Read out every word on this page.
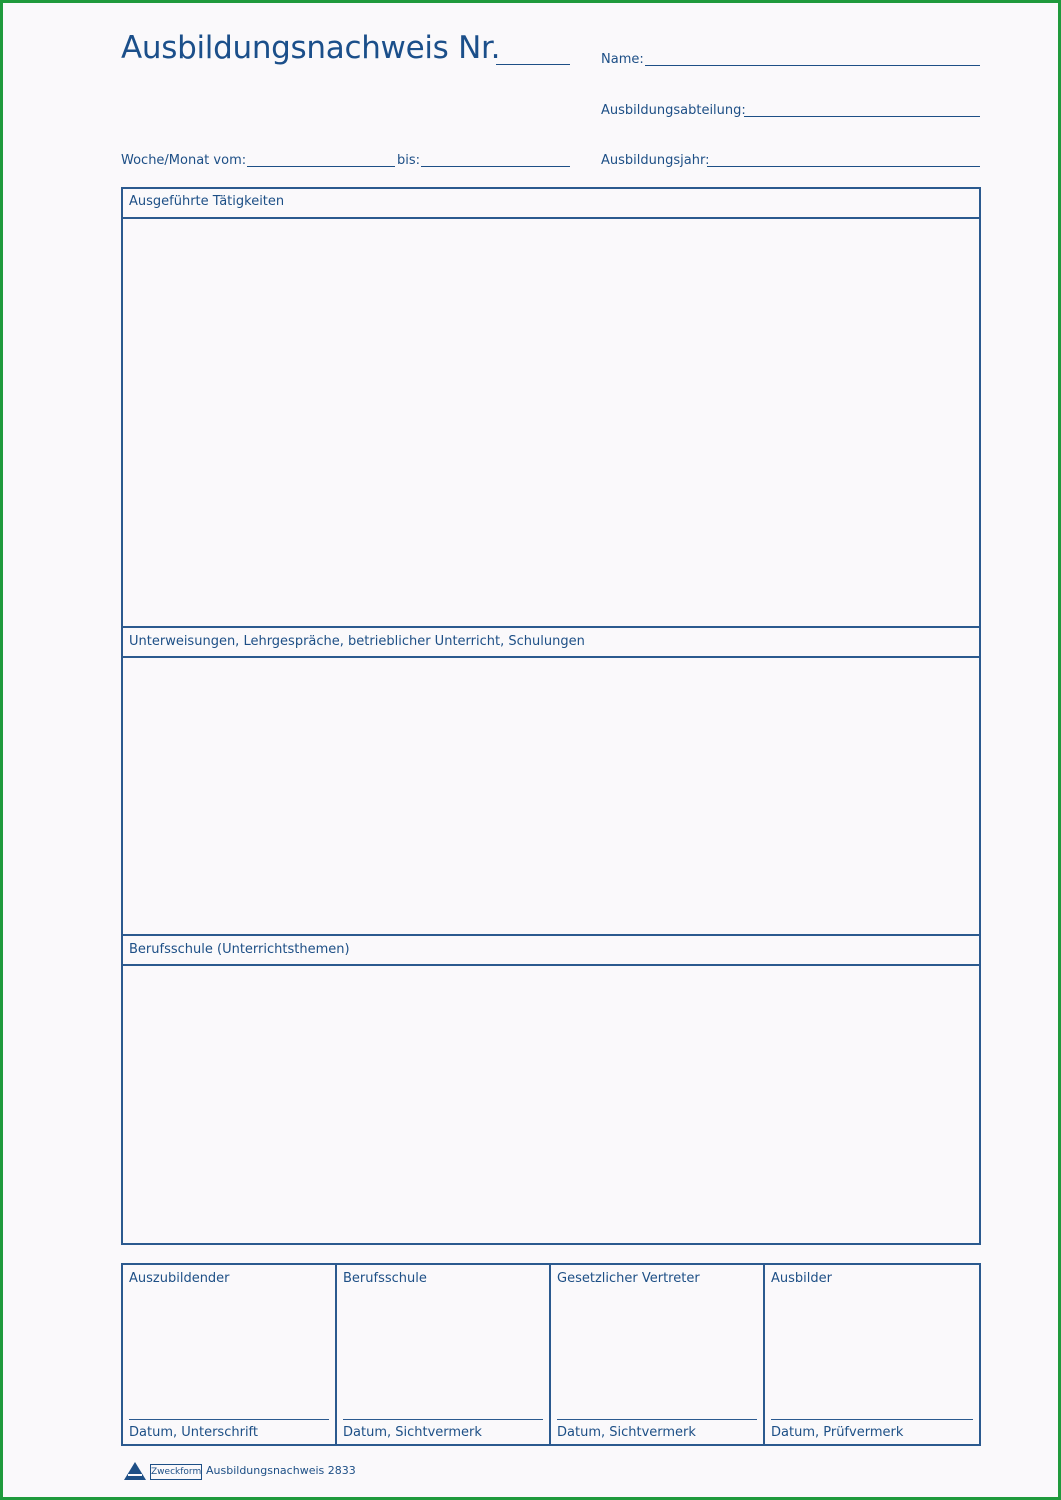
Ausbildungsnachweis Nr.	Name:
Ausbildungsabteilung:
Woche/Monat vom:	bis:	Ausbildungsjahr:
Ausgeführte Tätigkeiten
Unterweisungen, Lehrgespräche, betrieblicher Unterricht, Schulungen
Berufsschule (Unterrichtsthemen)
Auszubildender
Datum, Unterschrift
Berufsschule
Datum, Sichtvermerk
Gesetzlicher Vertreter
Datum, Sichtvermerk
Ausbilder
Datum, Prüfvermerk
Zweckform Ausbildungsnachweis 2833
